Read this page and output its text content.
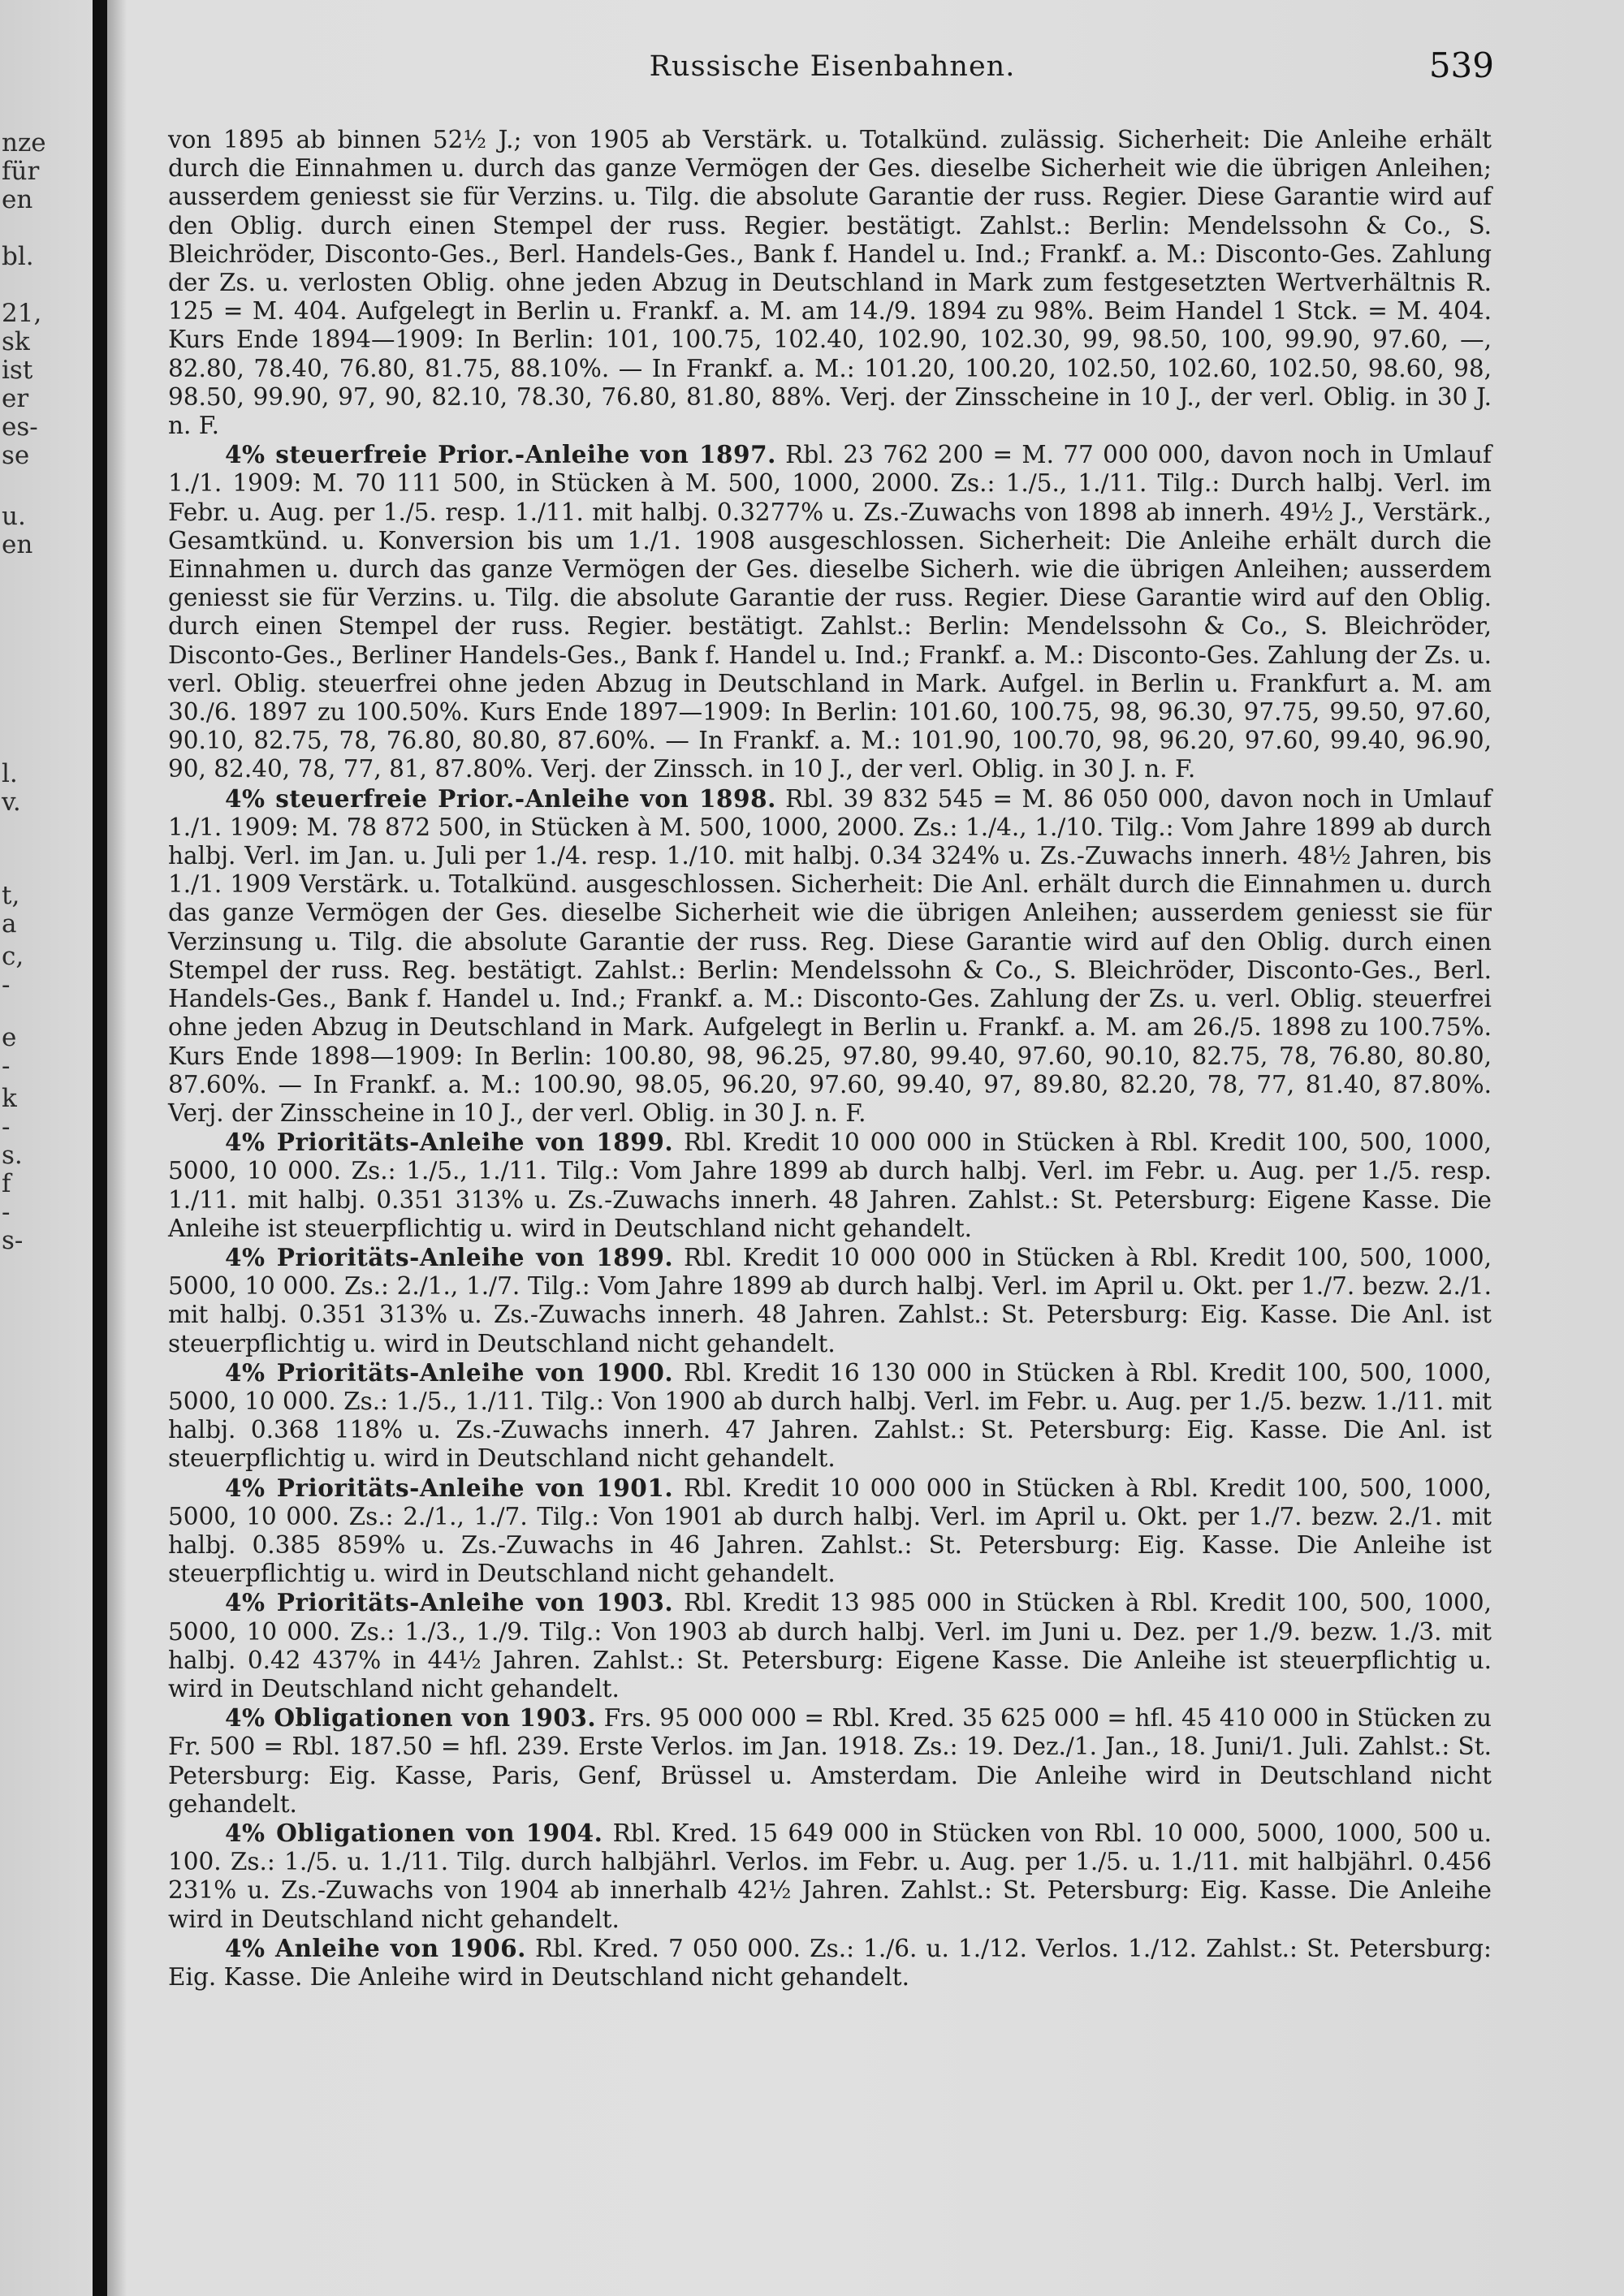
nze
für
en
bl.
21,
sk
ist
er
es-
se
u.
en
l.
v.
t,
a
c,
-
e
-
k
-
s.
f
-
s-
Russische Eisenbahnen.	539

von 1895 ab binnen 52½ J.; von 1905 ab Verstärk. u. Totalkünd. zulässig. Sicherheit: Die Anleihe erhält durch die Einnahmen u. durch das ganze Vermögen der Ges. dieselbe Sicherheit wie die übrigen Anleihen; ausserdem geniesst sie für Verzins. u. Tilg. die absolute Garantie der russ. Regier. Diese Garantie wird auf den Oblig. durch einen Stempel der russ. Regier. bestätigt. Zahlst.: Berlin: Mendelssohn & Co., S. Bleichröder, Disconto-Ges., Berl. Handels-Ges., Bank f. Handel u. Ind.; Frankf. a. M.: Disconto-Ges. Zahlung der Zs. u. verlosten Oblig. ohne jeden Abzug in Deutschland in Mark zum festgesetzten Wertverhältnis R. 125 = M. 404. Aufgelegt in Berlin u. Frankf. a. M. am 14./9. 1894 zu 98%. Beim Handel 1 Stck. = M. 404. Kurs Ende 1894—1909: In Berlin: 101, 100.75, 102.40, 102.90, 102.30, 99, 98.50, 100, 99.90, 97.60, —, 82.80, 78.40, 76.80, 81.75, 88.10%. — In Frankf. a. M.: 101.20, 100.20, 102.50, 102.60, 102.50, 98.60, 98, 98.50, 99.90, 97, 90, 82.10, 78.30, 76.80, 81.80, 88%. Verj. der Zinsscheine in 10 J., der verl. Oblig. in 30 J. n. F.

4% steuerfreie Prior.-Anleihe von 1897. Rbl. 23 762 200 = M. 77 000 000, davon noch in Umlauf 1./1. 1909: M. 70 111 500, in Stücken à M. 500, 1000, 2000. Zs.: 1./5., 1./11. Tilg.: Durch halbj. Verl. im Febr. u. Aug. per 1./5. resp. 1./11. mit halbj. 0.3277% u. Zs.-Zuwachs von 1898 ab innerh. 49½ J., Verstärk., Gesamtkünd. u. Konversion bis um 1./1. 1908 ausgeschlossen. Sicherheit: Die Anleihe erhält durch die Einnahmen u. durch das ganze Vermögen der Ges. dieselbe Sicherh. wie die übrigen Anleihen; ausserdem geniesst sie für Verzins. u. Tilg. die absolute Garantie der russ. Regier. Diese Garantie wird auf den Oblig. durch einen Stempel der russ. Regier. bestätigt. Zahlst.: Berlin: Mendelssohn & Co., S. Bleichröder, Disconto-Ges., Berliner Handels-Ges., Bank f. Handel u. Ind.; Frankf. a. M.: Disconto-Ges. Zahlung der Zs. u. verl. Oblig. steuerfrei ohne jeden Abzug in Deutschland in Mark. Aufgel. in Berlin u. Frankfurt a. M. am 30./6. 1897 zu 100.50%. Kurs Ende 1897—1909: In Berlin: 101.60, 100.75, 98, 96.30, 97.75, 99.50, 97.60, 90.10, 82.75, 78, 76.80, 80.80, 87.60%. — In Frankf. a. M.: 101.90, 100.70, 98, 96.20, 97.60, 99.40, 96.90, 90, 82.40, 78, 77, 81, 87.80%. Verj. der Zinssch. in 10 J., der verl. Oblig. in 30 J. n. F.

4% steuerfreie Prior.-Anleihe von 1898. Rbl. 39 832 545 = M. 86 050 000, davon noch in Umlauf 1./1. 1909: M. 78 872 500, in Stücken à M. 500, 1000, 2000. Zs.: 1./4., 1./10. Tilg.: Vom Jahre 1899 ab durch halbj. Verl. im Jan. u. Juli per 1./4. resp. 1./10. mit halbj. 0.34 324% u. Zs.-Zuwachs innerh. 48½ Jahren, bis 1./1. 1909 Verstärk. u. Totalkünd. ausgeschlossen. Sicherheit: Die Anl. erhält durch die Einnahmen u. durch das ganze Vermögen der Ges. dieselbe Sicherheit wie die übrigen Anleihen; ausserdem geniesst sie für Verzinsung u. Tilg. die absolute Garantie der russ. Reg. Diese Garantie wird auf den Oblig. durch einen Stempel der russ. Reg. bestätigt. Zahlst.: Berlin: Mendelssohn & Co., S. Bleichröder, Disconto-Ges., Berl. Handels-Ges., Bank f. Handel u. Ind.; Frankf. a. M.: Disconto-Ges. Zahlung der Zs. u. verl. Oblig. steuerfrei ohne jeden Abzug in Deutschland in Mark. Aufgelegt in Berlin u. Frankf. a. M. am 26./5. 1898 zu 100.75%. Kurs Ende 1898—1909: In Berlin: 100.80, 98, 96.25, 97.80, 99.40, 97.60, 90.10, 82.75, 78, 76.80, 80.80, 87.60%. — In Frankf. a. M.: 100.90, 98.05, 96.20, 97.60, 99.40, 97, 89.80, 82.20, 78, 77, 81.40, 87.80%. Verj. der Zinsscheine in 10 J., der verl. Oblig. in 30 J. n. F.

4% Prioritäts-Anleihe von 1899. Rbl. Kredit 10 000 000 in Stücken à Rbl. Kredit 100, 500, 1000, 5000, 10 000. Zs.: 1./5., 1./11. Tilg.: Vom Jahre 1899 ab durch halbj. Verl. im Febr. u. Aug. per 1./5. resp. 1./11. mit halbj. 0.351 313% u. Zs.-Zuwachs innerh. 48 Jahren. Zahlst.: St. Petersburg: Eigene Kasse. Die Anleihe ist steuerpflichtig u. wird in Deutschland nicht gehandelt.

4% Prioritäts-Anleihe von 1899. Rbl. Kredit 10 000 000 in Stücken à Rbl. Kredit 100, 500, 1000, 5000, 10 000. Zs.: 2./1., 1./7. Tilg.: Vom Jahre 1899 ab durch halbj. Verl. im April u. Okt. per 1./7. bezw. 2./1. mit halbj. 0.351 313% u. Zs.-Zuwachs innerh. 48 Jahren. Zahlst.: St. Petersburg: Eig. Kasse. Die Anl. ist steuerpflichtig u. wird in Deutschland nicht gehandelt.

4% Prioritäts-Anleihe von 1900. Rbl. Kredit 16 130 000 in Stücken à Rbl. Kredit 100, 500, 1000, 5000, 10 000. Zs.: 1./5., 1./11. Tilg.: Von 1900 ab durch halbj. Verl. im Febr. u. Aug. per 1./5. bezw. 1./11. mit halbj. 0.368 118% u. Zs.-Zuwachs innerh. 47 Jahren. Zahlst.: St. Petersburg: Eig. Kasse. Die Anl. ist steuerpflichtig u. wird in Deutschland nicht gehandelt.

4% Prioritäts-Anleihe von 1901. Rbl. Kredit 10 000 000 in Stücken à Rbl. Kredit 100, 500, 1000, 5000, 10 000. Zs.: 2./1., 1./7. Tilg.: Von 1901 ab durch halbj. Verl. im April u. Okt. per 1./7. bezw. 2./1. mit halbj. 0.385 859% u. Zs.-Zuwachs in 46 Jahren. Zahlst.: St. Petersburg: Eig. Kasse. Die Anleihe ist steuerpflichtig u. wird in Deutschland nicht gehandelt.

4% Prioritäts-Anleihe von 1903. Rbl. Kredit 13 985 000 in Stücken à Rbl. Kredit 100, 500, 1000, 5000, 10 000. Zs.: 1./3., 1./9. Tilg.: Von 1903 ab durch halbj. Verl. im Juni u. Dez. per 1./9. bezw. 1./3. mit halbj. 0.42 437% in 44½ Jahren. Zahlst.: St. Petersburg: Eigene Kasse. Die Anleihe ist steuerpflichtig u. wird in Deutschland nicht gehandelt.

4% Obligationen von 1903. Frs. 95 000 000 = Rbl. Kred. 35 625 000 = hfl. 45 410 000 in Stücken zu Fr. 500 = Rbl. 187.50 = hfl. 239. Erste Verlos. im Jan. 1918. Zs.: 19. Dez./1. Jan., 18. Juni/1. Juli. Zahlst.: St. Petersburg: Eig. Kasse, Paris, Genf, Brüssel u. Amsterdam. Die Anleihe wird in Deutschland nicht gehandelt.

4% Obligationen von 1904. Rbl. Kred. 15 649 000 in Stücken von Rbl. 10 000, 5000, 1000, 500 u. 100. Zs.: 1./5. u. 1./11. Tilg. durch halbjährl. Verlos. im Febr. u. Aug. per 1./5. u. 1./11. mit halbjährl. 0.456 231% u. Zs.-Zuwachs von 1904 ab innerhalb 42½ Jahren. Zahlst.: St. Petersburg: Eig. Kasse. Die Anleihe wird in Deutschland nicht gehandelt.

4% Anleihe von 1906. Rbl. Kred. 7 050 000. Zs.: 1./6. u. 1./12. Verlos. 1./12. Zahlst.: St. Petersburg: Eig. Kasse. Die Anleihe wird in Deutschland nicht gehandelt.
